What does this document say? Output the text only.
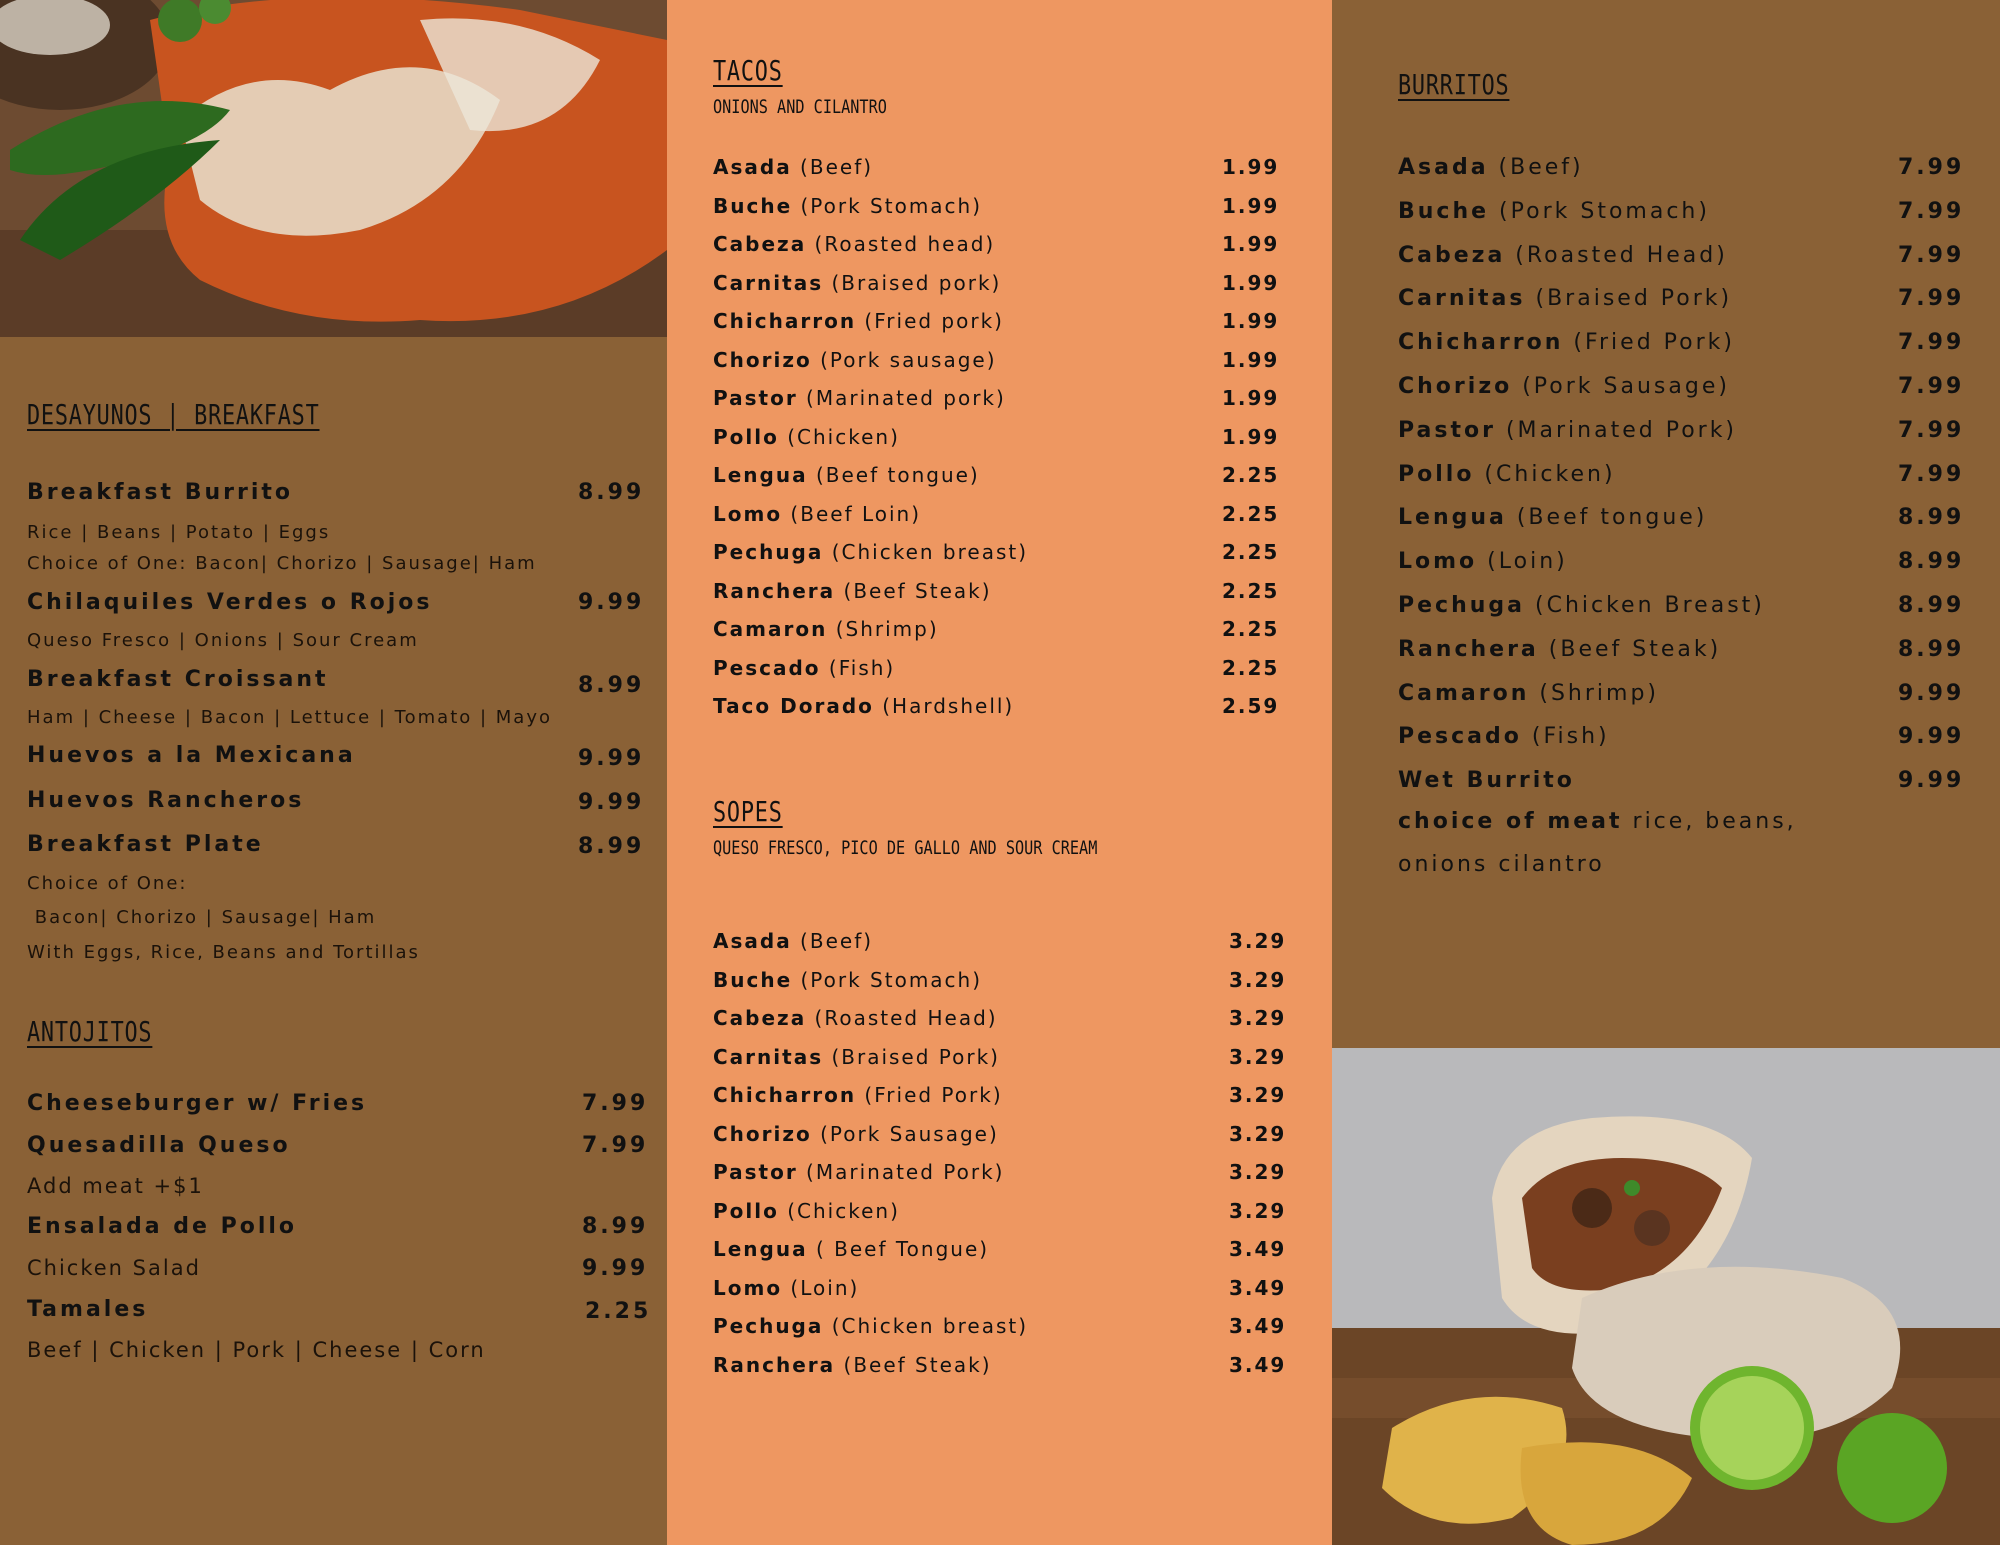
DESAYUNOS | BREAKFAST
Breakfast Burrito	8.99
Rice | Beans | Potato | Eggs
Choice of One: Bacon| Chorizo | Sausage| Ham
Chilaquiles Verdes o Rojos	9.99
Queso Fresco | Onions | Sour Cream
Breakfast Croissant	8.99
Ham | Cheese | Bacon | Lettuce | Tomato | Mayo
Huevos a la Mexicana	9.99
Huevos Rancheros	9.99
Breakfast Plate	8.99
Choice of One:
Bacon| Chorizo | Sausage| Ham
With Eggs, Rice, Beans and Tortillas
ANTOJITOS
Cheeseburger w/ Fries	7.99
Quesadilla Queso	7.99
Add meat +$1
Ensalada de Pollo	8.99
Chicken Salad	9.99
Tamales	2.25
Beef | Chicken | Pork | Cheese | Corn
TACOS
ONIONS AND CILANTRO
Asada (Beef)	1.99
Buche (Pork Stomach)	1.99
Cabeza (Roasted head)	1.99
Carnitas (Braised pork)	1.99
Chicharron (Fried pork)	1.99
Chorizo (Pork sausage)	1.99
Pastor (Marinated pork)	1.99
Pollo (Chicken)	1.99
Lengua (Beef tongue)	2.25
Lomo (Beef Loin)	2.25
Pechuga (Chicken breast)	2.25
Ranchera (Beef Steak)	2.25
Camaron (Shrimp)	2.25
Pescado (Fish)	2.25
Taco Dorado (Hardshell)	2.59
SOPES
QUESO FRESCO, PICO DE GALLO AND SOUR CREAM
Asada (Beef)	3.29
Buche (Pork Stomach)	3.29
Cabeza (Roasted Head)	3.29
Carnitas (Braised Pork)	3.29
Chicharron (Fried Pork)	3.29
Chorizo (Pork Sausage)	3.29
Pastor (Marinated Pork)	3.29
Pollo (Chicken)	3.29
Lengua ( Beef Tongue)	3.49
Lomo (Loin)	3.49
Pechuga (Chicken breast)	3.49
Ranchera (Beef Steak)	3.49
BURRITOS
Asada (Beef)	7.99
Buche (Pork Stomach)	7.99
Cabeza (Roasted Head)	7.99
Carnitas (Braised Pork)	7.99
Chicharron (Fried Pork)	7.99
Chorizo (Pork Sausage)	7.99
Pastor (Marinated Pork)	7.99
Pollo (Chicken)	7.99
Lengua (Beef tongue)	8.99
Lomo (Loin)	8.99
Pechuga (Chicken Breast)	8.99
Ranchera (Beef Steak)	8.99
Camaron (Shrimp)	9.99
Pescado (Fish)	9.99
Wet Burrito	9.99
choice of meat rice, beans,
onions cilantro
